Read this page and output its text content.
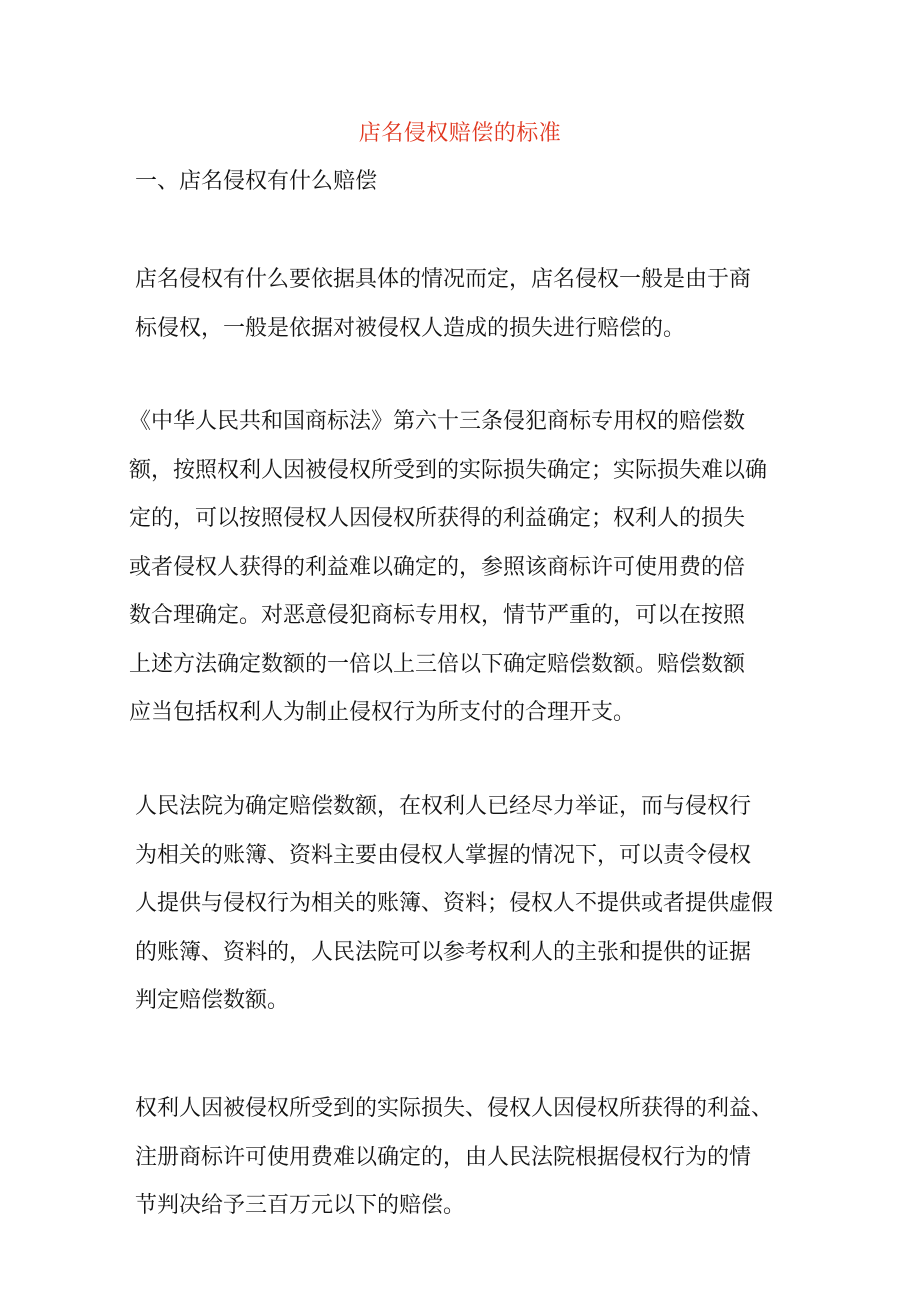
店名侵权赔偿的标准
一、店名侵权有什么赔偿
店名侵权有什么要依据具体的情况而定，店名侵权一般是由于商
标侵权，一般是依据对被侵权人造成的损失进行赔偿的。
《中华人民共和国商标法》第六十三条侵犯商标专用权的赔偿数
额，按照权利人因被侵权所受到的实际损失确定；实际损失难以确
定的，可以按照侵权人因侵权所获得的利益确定；权利人的损失
或者侵权人获得的利益难以确定的，参照该商标许可使用费的倍
数合理确定。对恶意侵犯商标专用权，情节严重的，可以在按照
上述方法确定数额的一倍以上三倍以下确定赔偿数额。赔偿数额
应当包括权利人为制止侵权行为所支付的合理开支。
人民法院为确定赔偿数额，在权利人已经尽力举证，而与侵权行
为相关的账簿、资料主要由侵权人掌握的情况下，可以责令侵权
人提供与侵权行为相关的账簿、资料；侵权人不提供或者提供虚假
的账簿、资料的，人民法院可以参考权利人的主张和提供的证据
判定赔偿数额。
权利人因被侵权所受到的实际损失、侵权人因侵权所获得的利益、
注册商标许可使用费难以确定的，由人民法院根据侵权行为的情
节判决给予三百万元以下的赔偿。
